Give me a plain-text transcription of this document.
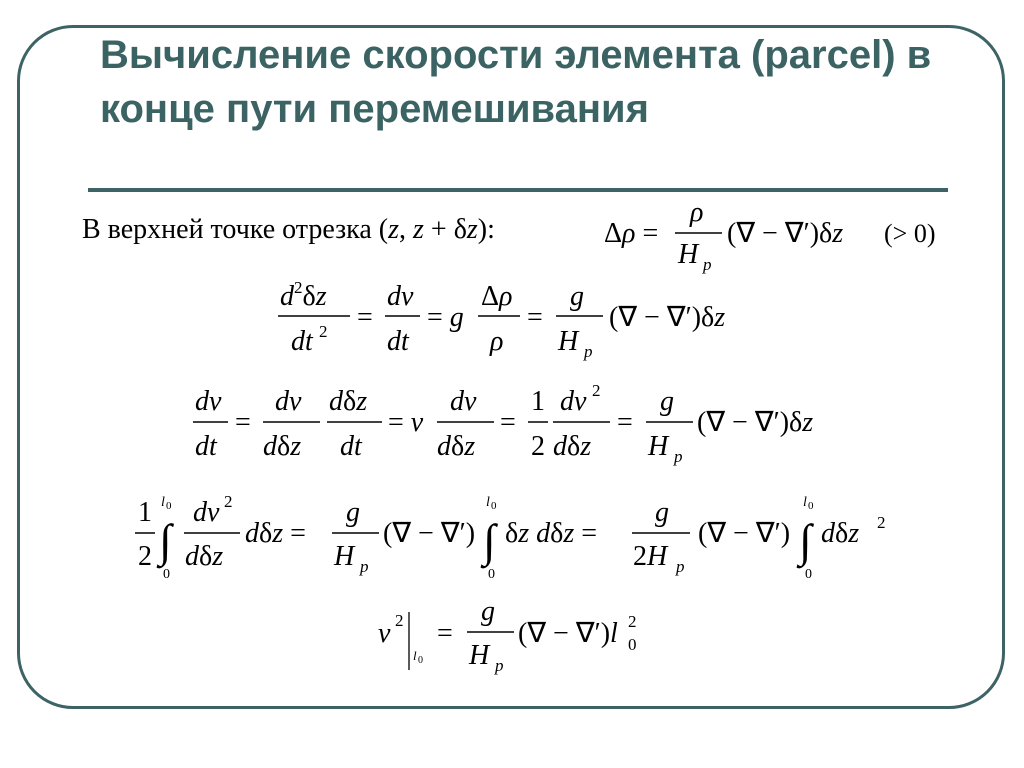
Вычисление скорости элемента (parcel) в конце пути перемешивания
В верхней точке отрезка (z, z + δz):	Δρ =
ρ
H p
(∇ − ∇′)δz (> 0)
$d^2\delta z$
dt 2 =
dv
dt
= g
Δρ
ρ
=
g
H p
(∇ − ∇′)δz
dv
dt
=
dv
dδz
dδz
dt
= v
dv
dδz
=
1
2
dv 2
dδz
=
g
H p
(∇ − ∇′)δz
1
2 ∫
l 0
0
dv 2
dδz
dδz =
g
H p
(∇ − ∇′) ∫
l 0
0
δz dδz =
g
2H p
(∇ − ∇′) ∫
l 0
0
dδz 2
v 2
l 0
=
g
H p
(∇ − ∇′)l 2
0
